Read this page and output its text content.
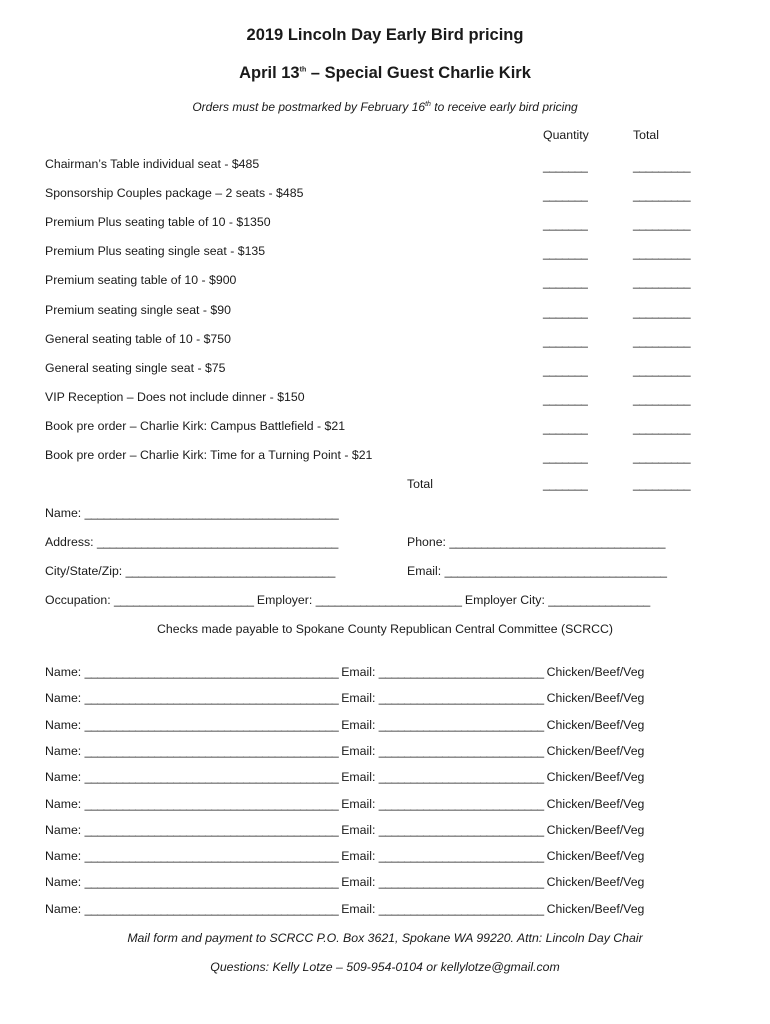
2019 Lincoln Day Early Bird pricing
April 13th – Special Guest Charlie Kirk
Orders must be postmarked by February 16th to receive early bird pricing
Quantity	Total
Chairman’s Table individual seat - $485	_______	_________
Sponsorship Couples package – 2 seats - $485	_______	_________
Premium Plus seating table of 10 - $1350	_______	_________
Premium Plus seating single seat - $135	_______	_________
Premium seating table of 10 - $900	_______	_________
Premium seating single seat - $90	_______	_________
General seating table of 10 - $750	_______	_________
General seating single seat - $75	_______	_________
VIP Reception – Does not include dinner - $150	_______	_________
Book pre order – Charlie Kirk: Campus Battlefield - $21	_______	_________
Book pre order – Charlie Kirk: Time for a Turning Point - $21	_______	_________
Total	_______	_________
Name: ________________________________________
Address: ______________________________________	Phone: __________________________________
City/State/Zip: _________________________________	Email: ___________________________________
Occupation: ______________________ Employer: _______________________ Employer City: ________________
Checks made payable to Spokane County Republican Central Committee (SCRCC)
Name: ________________________________________ Email: __________________________ Chicken/Beef/Veg
Name: ________________________________________ Email: __________________________ Chicken/Beef/Veg
Name: ________________________________________ Email: __________________________ Chicken/Beef/Veg
Name: ________________________________________ Email: __________________________ Chicken/Beef/Veg
Name: ________________________________________ Email: __________________________ Chicken/Beef/Veg
Name: ________________________________________ Email: __________________________ Chicken/Beef/Veg
Name: ________________________________________ Email: __________________________ Chicken/Beef/Veg
Name: ________________________________________ Email: __________________________ Chicken/Beef/Veg
Name: ________________________________________ Email: __________________________ Chicken/Beef/Veg
Name: ________________________________________ Email: __________________________ Chicken/Beef/Veg
Mail form and payment to SCRCC P.O. Box 3621, Spokane WA 99220. Attn: Lincoln Day Chair
Questions: Kelly Lotze – 509-954-0104 or kellylotze@gmail.com
